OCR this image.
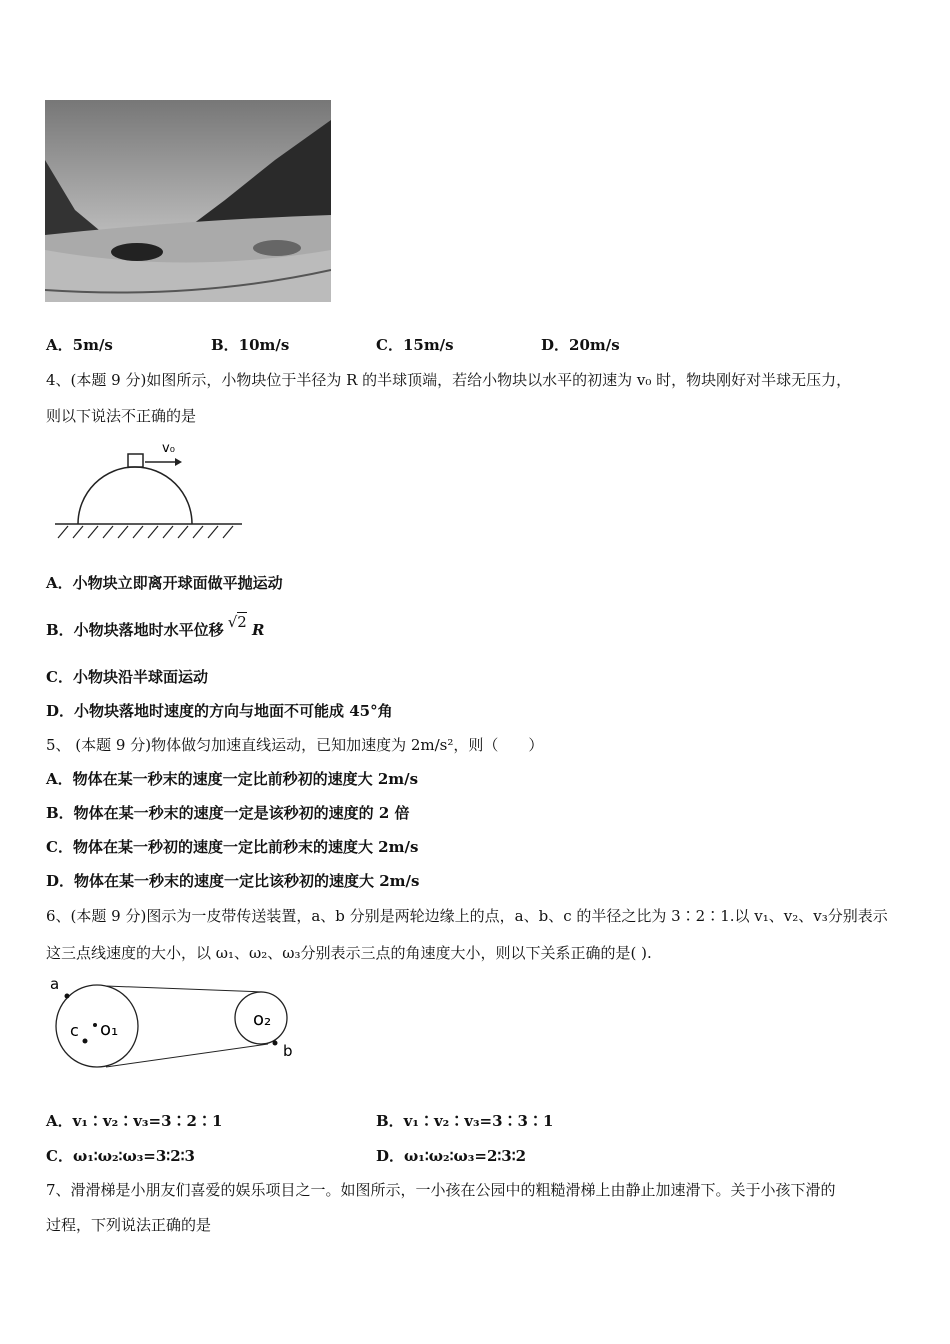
A．5m/s	B．10m/s	C．15m/s	D．20m/s
4、(本题 9 分)如图所示，小物块位于半径为 R 的半球顶端，若给小物块以水平的初速为 v₀ 时，物块刚好对半球无压力，
则以下说法不正确的是
v₀
A．小物块立即离开球面做平抛运动
B．小物块落地时水平位移 √2 R
C．小物块沿半球面运动
D．小物块落地时速度的方向与地面不可能成 45°角
5、 (本题 9 分)物体做匀加速直线运动，已知加速度为 2m/s²，则（　　）
A．物体在某一秒末的速度一定比前秒初的速度大 2m/s
B．物体在某一秒末的速度一定是该秒初的速度的 2 倍
C．物体在某一秒初的速度一定比前秒末的速度大 2m/s
D．物体在某一秒末的速度一定比该秒初的速度大 2m/s
6、(本题 9 分)图示为一皮带传送装置，a、b 分别是两轮边缘上的点，a、b、c 的半径之比为 3∶2∶1.以 v₁、v₂、v₃分别表示
这三点线速度的大小，以 ω₁、ω₂、ω₃分别表示三点的角速度大小，则以下关系正确的是( ).
a
b
c o₁	o₂
A．v₁∶v₂∶v₃=3∶2∶1	B．v₁∶v₂∶v₃=3∶3∶1
C．ω₁∶ω₂∶ω₃=3∶2∶3	D．ω₁∶ω₂∶ω₃=2∶3∶2
7、滑滑梯是小朋友们喜爱的娱乐项目之一。如图所示，一小孩在公园中的粗糙滑梯上由静止加速滑下。关于小孩下滑的
过程，下列说法正确的是
